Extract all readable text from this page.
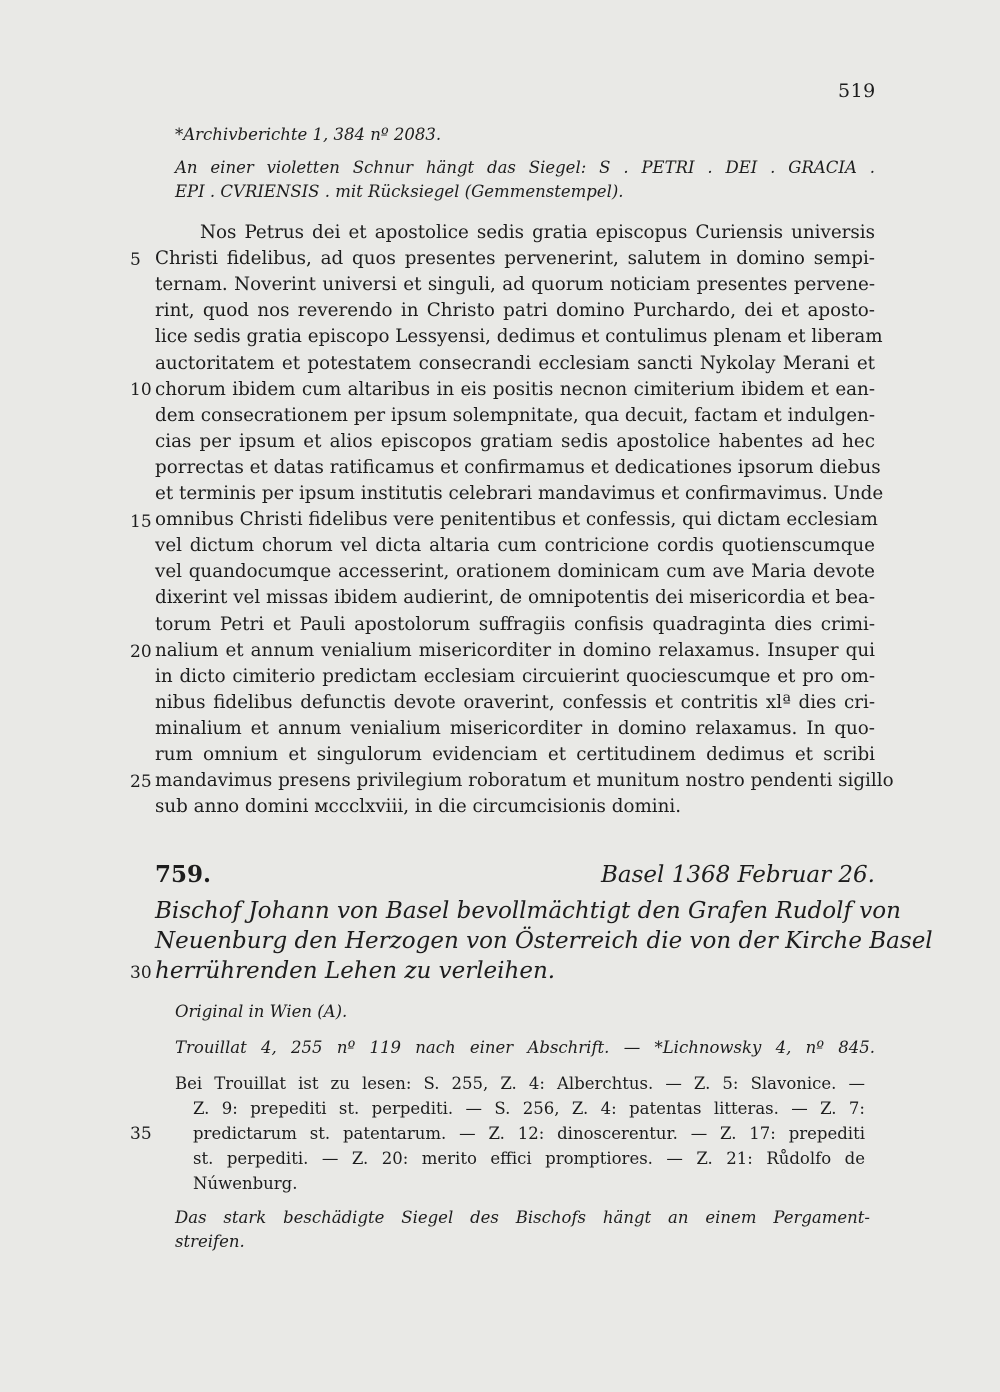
519
5
10
15
20
25
30
35
*Archivberichte 1, 384 nº 2083.
An einer violetten Schnur hängt das Siegel: S . PETRI . DEI . GRACIA .
EPI . CVRIENSIS . mit Rücksiegel (Gemmenstempel).
Nos Petrus dei et apostolice sedis gratia episcopus Curiensis universis
Christi fidelibus, ad quos presentes pervenerint, salutem in domino sempi-
ternam. Noverint universi et singuli, ad quorum noticiam presentes pervene-
rint, quod nos reverendo in Christo patri domino Purchardo, dei et aposto-
lice sedis gratia episcopo Lessyensi, dedimus et contulimus plenam et liberam
auctoritatem et potestatem consecrandi ecclesiam sancti Nykolay Merani et
chorum ibidem cum altaribus in eis positis necnon cimiterium ibidem et ean-
dem consecrationem per ipsum solempnitate, qua decuit, factam et indulgen-
cias per ipsum et alios episcopos gratiam sedis apostolice habentes ad hec
porrectas et datas ratificamus et confirmamus et dedicationes ipsorum diebus
et terminis per ipsum institutis celebrari mandavimus et confirmavimus. Unde
omnibus Christi fidelibus vere penitentibus et confessis, qui dictam ecclesiam
vel dictum chorum vel dicta altaria cum contricione cordis quotienscumque
vel quandocumque accesserint, orationem dominicam cum ave Maria devote
dixerint vel missas ibidem audierint, de omnipotentis dei misericordia et bea-
torum Petri et Pauli apostolorum suffragiis confisis quadraginta dies crimi-
nalium et annum venialium misericorditer in domino relaxamus. Insuper qui
in dicto cimiterio predictam ecclesiam circuierint quociescumque et pro om-
nibus fidelibus defunctis devote oraverint, confessis et contritis xlª dies cri-
minalium et annum venialium misericorditer in domino relaxamus. In quo-
rum omnium et singulorum evidenciam et certitudinem dedimus et scribi
mandavimus presens privilegium roboratum et munitum nostro pendenti sigillo
sub anno domini ᴍccclxviii, in die circumcisionis domini.
759.	Basel 1368 Februar 26.
Bischof Johann von Basel bevollmächtigt den Grafen Rudolf von
Neuenburg den Herzogen von Österreich die von der Kirche Basel
herrührenden Lehen zu verleihen.
Original in Wien (A).
Trouillat 4, 255 nº 119 nach einer Abschrift. — *Lichnowsky 4, nº 845.
Bei Trouillat ist zu lesen: S. 255, Z. 4: Alberchtus. — Z. 5: Slavonice. —
Z. 9: prepediti st. perpediti. — S. 256, Z. 4: patentas litteras. — Z. 7:
predictarum st. patentarum. — Z. 12: dinoscerentur. — Z. 17: prepediti
st. perpediti. — Z. 20: merito effici promptiores. — Z. 21: Růdolfo de
Núwenburg.
Das stark beschädigte Siegel des Bischofs hängt an einem Pergament-
streifen.
